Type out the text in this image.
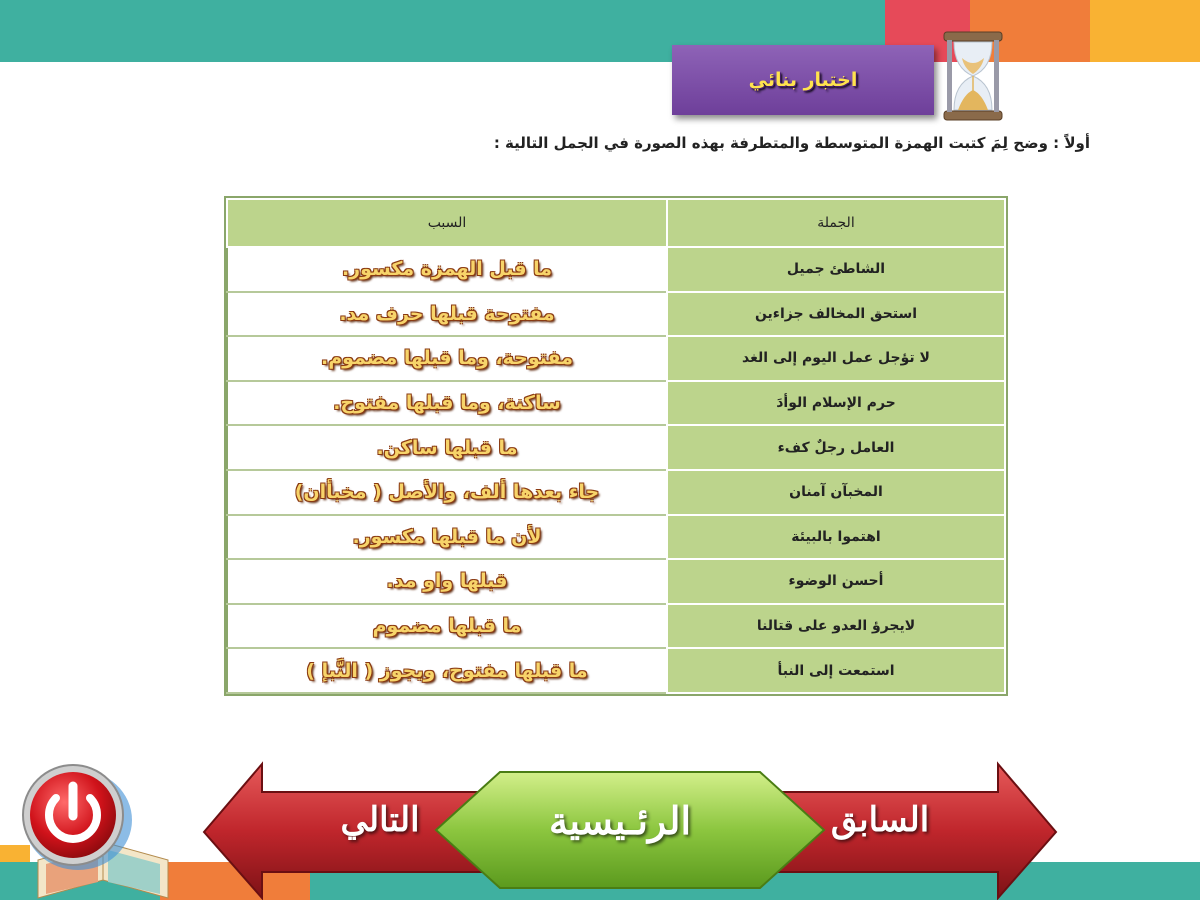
اختبار بنائي
أولاً : وضح لِمَ كتبت الهمزة المتوسطة والمتطرفة بهذه الصورة في الجمل التالية :
الجملة	السبب
الشاطئ جميل	ما قبل الهمزة مكسور.
استحق المخالف جزاءين	مفتوحة قبلها حرف مد.
لا تؤجل عمل اليوم إلى الغد	مفتوحة، وما قبلها مضموم.
حرم الإسلام الوأدَ	ساكنة، وما قبلها مفتوح.
العامل رجلٌ كفء	ما قبلها ساكن.
المخبآن آمنان	جاء بعدها ألف، والأصل ( مخبأان)
اهتموا بالبيئة	لأن ما قبلها مكسور.
أحسن الوضوء	قبلها واو مد.
لايجرؤ العدو على قتالنا	ما قبلها مضموم
استمعت إلى النبأ	ما قبلها مفتوح، ويجوز ( النَّبإ )
التالي	الرئـيسية	السابق
